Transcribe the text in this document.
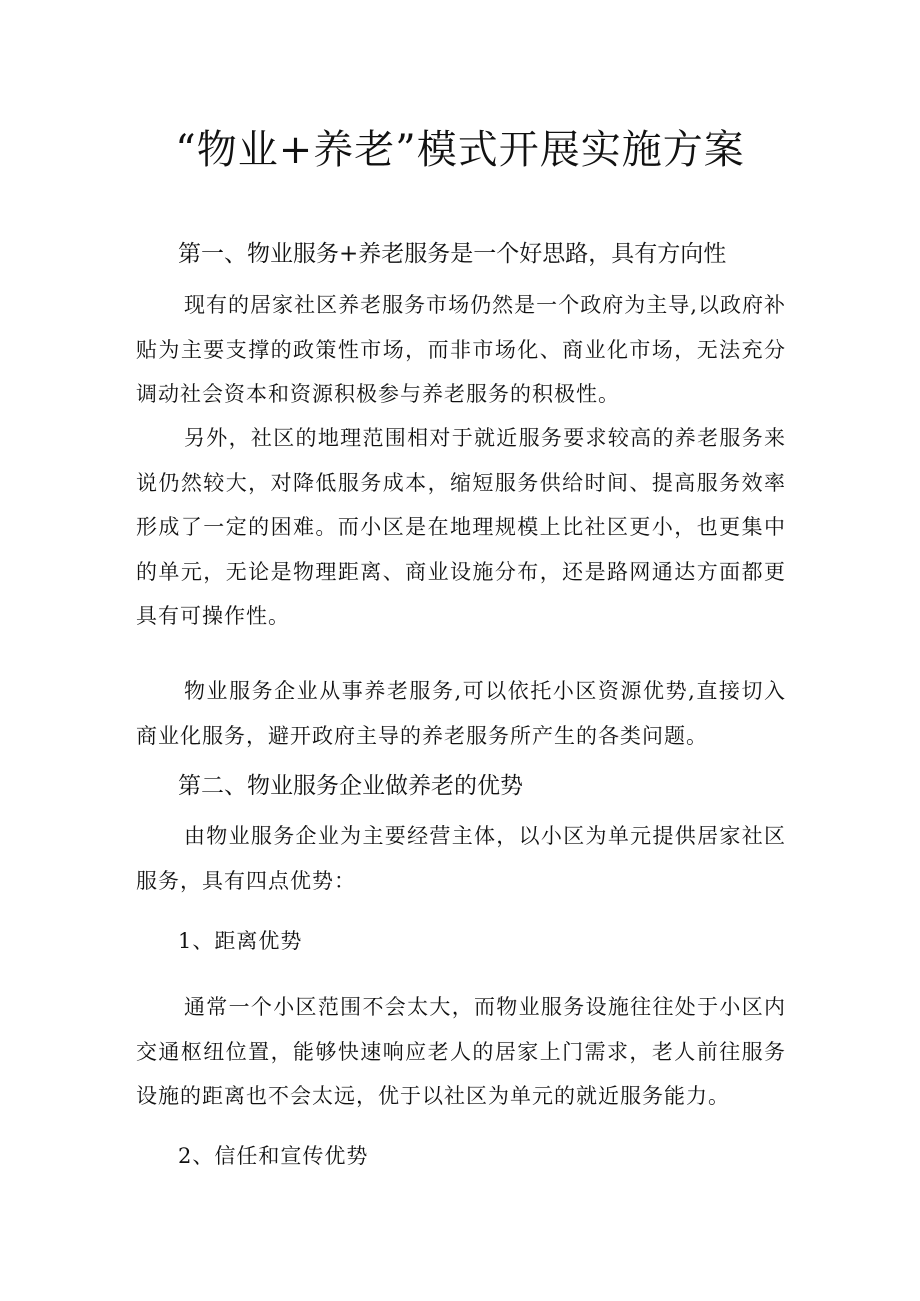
“物业+养老”模式开展实施方案
第一、物业服务+养老服务是一个好思路，具有方向性

现有的居家社区养老服务市场仍然是一个政府为主导,以政府补贴为主要支撑的政策性市场，而非市场化、商业化市场，无法充分调动社会资本和资源积极参与养老服务的积极性。

另外，社区的地理范围相对于就近服务要求较高的养老服务来说仍然较大，对降低服务成本，缩短服务供给时间、提高服务效率形成了一定的困难。而小区是在地理规模上比社区更小，也更集中的单元，无论是物理距离、商业设施分布，还是路网通达方面都更具有可操作性。

物业服务企业从事养老服务,可以依托小区资源优势,直接切入商业化服务，避开政府主导的养老服务所产生的各类问题。

第二、物业服务企业做养老的优势

由物业服务企业为主要经营主体，以小区为单元提供居家社区服务，具有四点优势：

1、距离优势

通常一个小区范围不会太大，而物业服务设施往往处于小区内交通枢纽位置，能够快速响应老人的居家上门需求，老人前往服务设施的距离也不会太远，优于以社区为单元的就近服务能力。

2、信任和宣传优势
